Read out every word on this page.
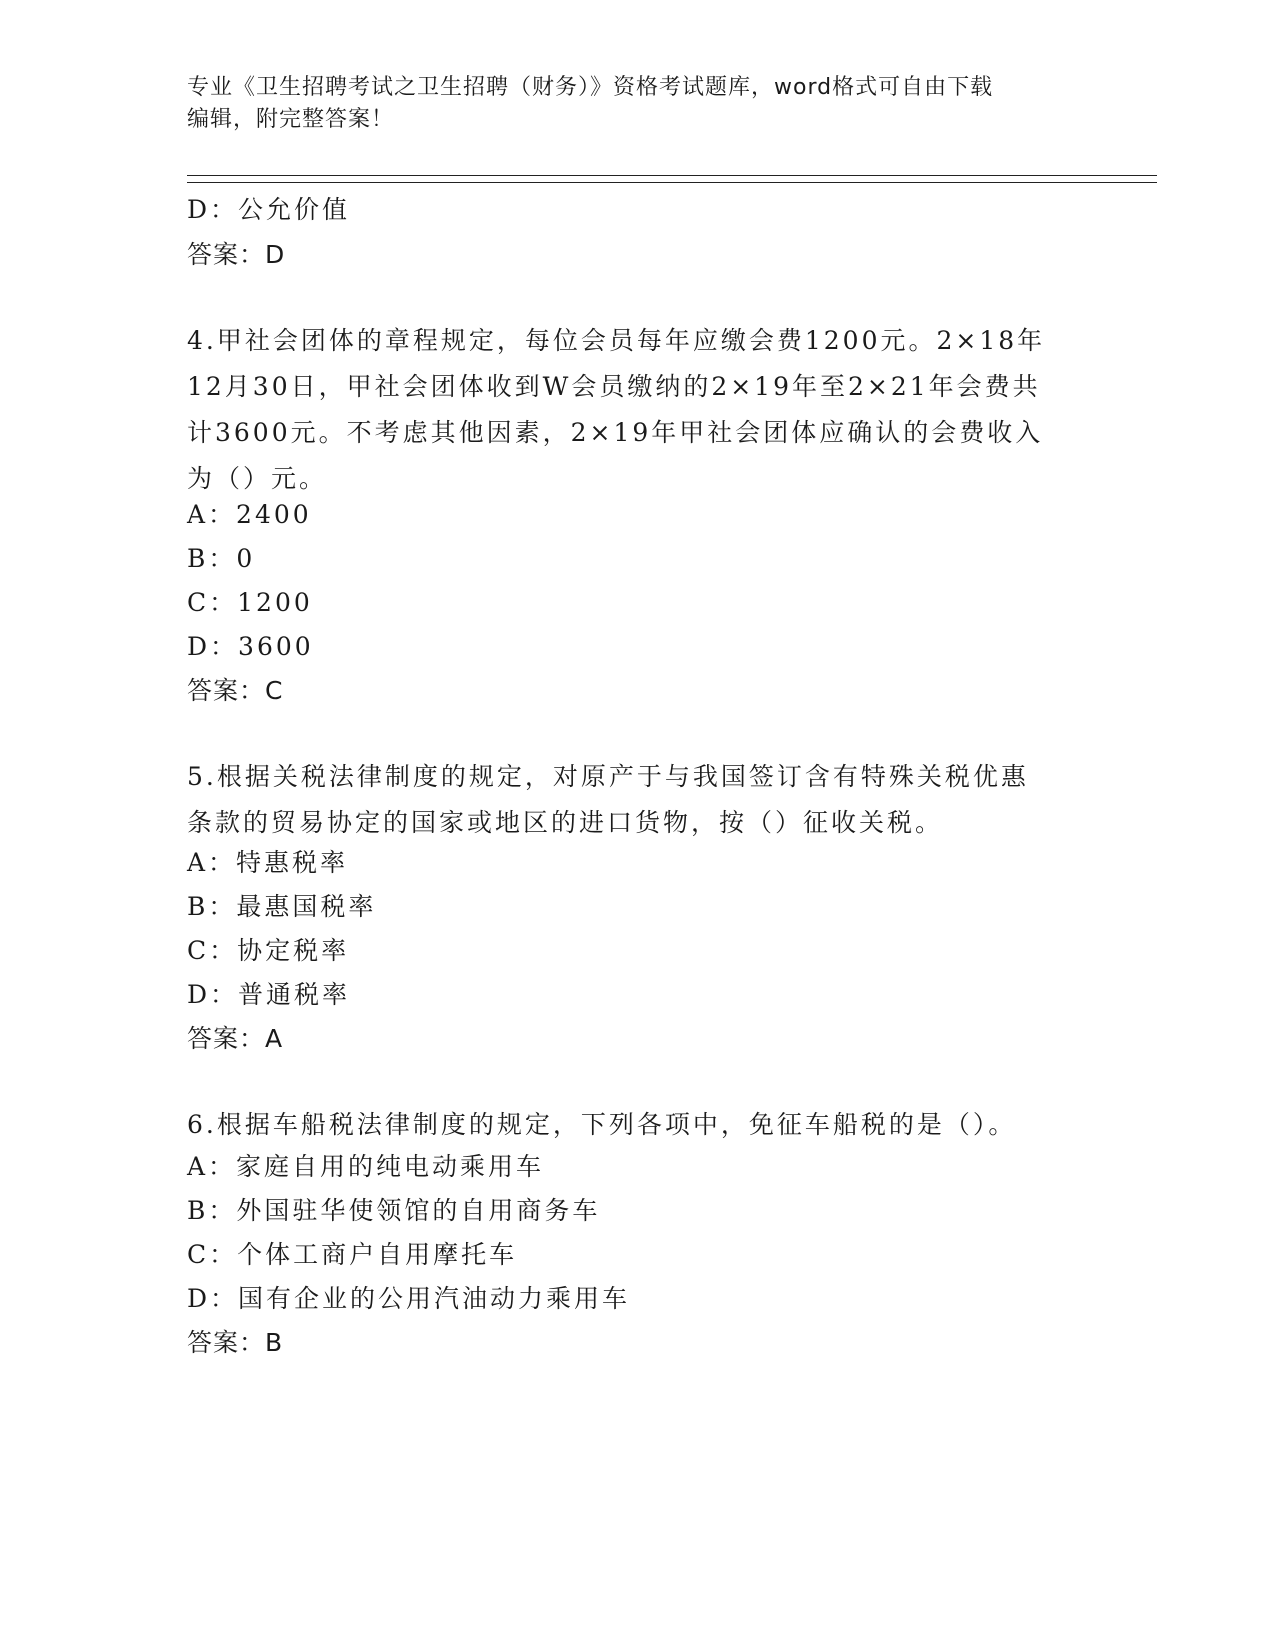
专业《卫生招聘考试之卫生招聘（财务）》资格考试题库，word格式可自由下载
编辑，附完整答案！
D：公允价值
答案：D
4.甲社会团体的章程规定，每位会员每年应缴会费1200元。2×18年
12月30日，甲社会团体收到W会员缴纳的2×19年至2×21年会费共
计3600元。不考虑其他因素，2×19年甲社会团体应确认的会费收入
为（）元。
A：2400
B：0
C：1200
D：3600
答案：C
5.根据关税法律制度的规定，对原产于与我国签订含有特殊关税优惠
条款的贸易协定的国家或地区的进口货物，按（）征收关税。
A：特惠税率
B：最惠国税率
C：协定税率
D：普通税率
答案：A
6.根据车船税法律制度的规定，下列各项中，免征车船税的是（）。
A：家庭自用的纯电动乘用车
B：外国驻华使领馆的自用商务车
C：个体工商户自用摩托车
D：国有企业的公用汽油动力乘用车
答案：B
